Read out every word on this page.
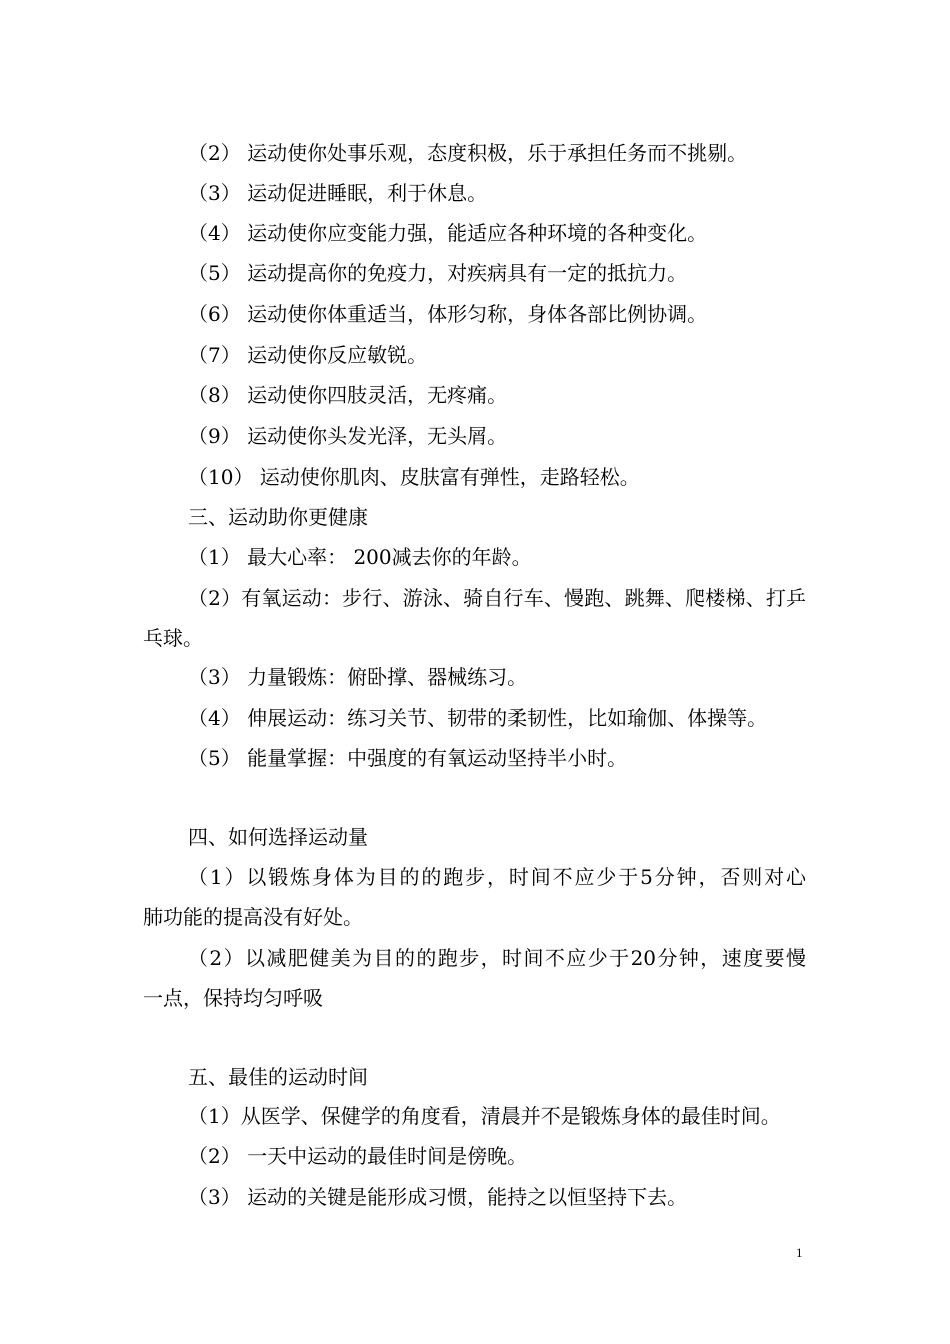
（2） 运动使你处事乐观，态度积极，乐于承担任务而不挑剔。
（3） 运动促进睡眠，利于休息。
（4） 运动使你应变能力强，能适应各种环境的各种变化。
（5） 运动提高你的免疫力，对疾病具有一定的抵抗力。
（6） 运动使你体重适当，体形匀称，身体各部比例协调。
（7） 运动使你反应敏锐。
（8） 运动使你四肢灵活，无疼痛。
（9） 运动使你头发光泽，无头屑。
（10） 运动使你肌肉、皮肤富有弹性，走路轻松。
三、运动助你更健康
（1） 最大心率： 200减去你的年龄。
（2）有氧运动：步行、游泳、骑自行车、慢跑、跳舞、爬楼梯、打乒
乓球。
（3） 力量锻炼：俯卧撑、器械练习。
（4） 伸展运动：练习关节、韧带的柔韧性，比如瑜伽、体操等。
（5） 能量掌握：中强度的有氧运动坚持半小时。
四、如何选择运动量
（1）以锻炼身体为目的的跑步，时间不应少于5分钟，否则对心
肺功能的提高没有好处。
（2）以减肥健美为目的的跑步，时间不应少于20分钟，速度要慢
一点，保持均匀呼吸
五、最佳的运动时间
（1）从医学、保健学的角度看，清晨并不是锻炼身体的最佳时间。
（2） 一天中运动的最佳时间是傍晚。
（3） 运动的关键是能形成习惯，能持之以恒坚持下去。
1
